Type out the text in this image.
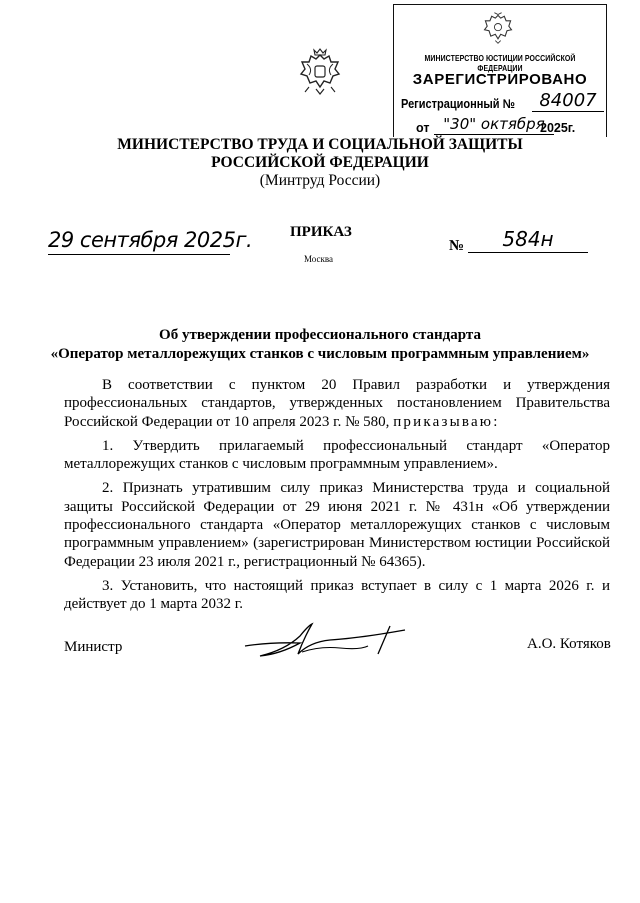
МИНИСТЕРСТВО ЮСТИЦИИ РОССИЙСКОЙ ФЕДЕРАЦИИ
ЗАРЕГИСТРИРОВАНО
Регистрационный №	84007
от "30" октября
2025г.
МИНИСТЕРСТВО ТРУДА И СОЦИАЛЬНОЙ ЗАЩИТЫ
РОССИЙСКОЙ ФЕДЕРАЦИИ
(Минтруд России)
29 сентября 2025г.	ПРИКАЗ
Москва
№	584н
Об утверждении профессионального стандарта
«Оператор металлорежущих станков с числовым программным управлением»

В соответствии с пунктом 20 Правил разработки и утверждения профессиональных стандартов, утвержденных постановлением Правительства Российской Федерации от 10 апреля 2023 г. № 580, приказываю:

1. Утвердить прилагаемый профессиональный стандарт «Оператор металлорежущих станков с числовым программным управлением».

2. Признать утратившим силу приказ Министерства труда и социальной защиты Российской Федерации от 29 июня 2021 г. № 431н «Об утверждении профессионального стандарта «Оператор металлорежущих станков с числовым программным управлением» (зарегистрирован Министерством юстиции Российской Федерации 23 июля 2021 г., регистрационный № 64365).

3. Установить, что настоящий приказ вступает в силу с 1 марта 2026 г. и действует до 1 марта 2032 г.

Министр	А.О. Котяков
